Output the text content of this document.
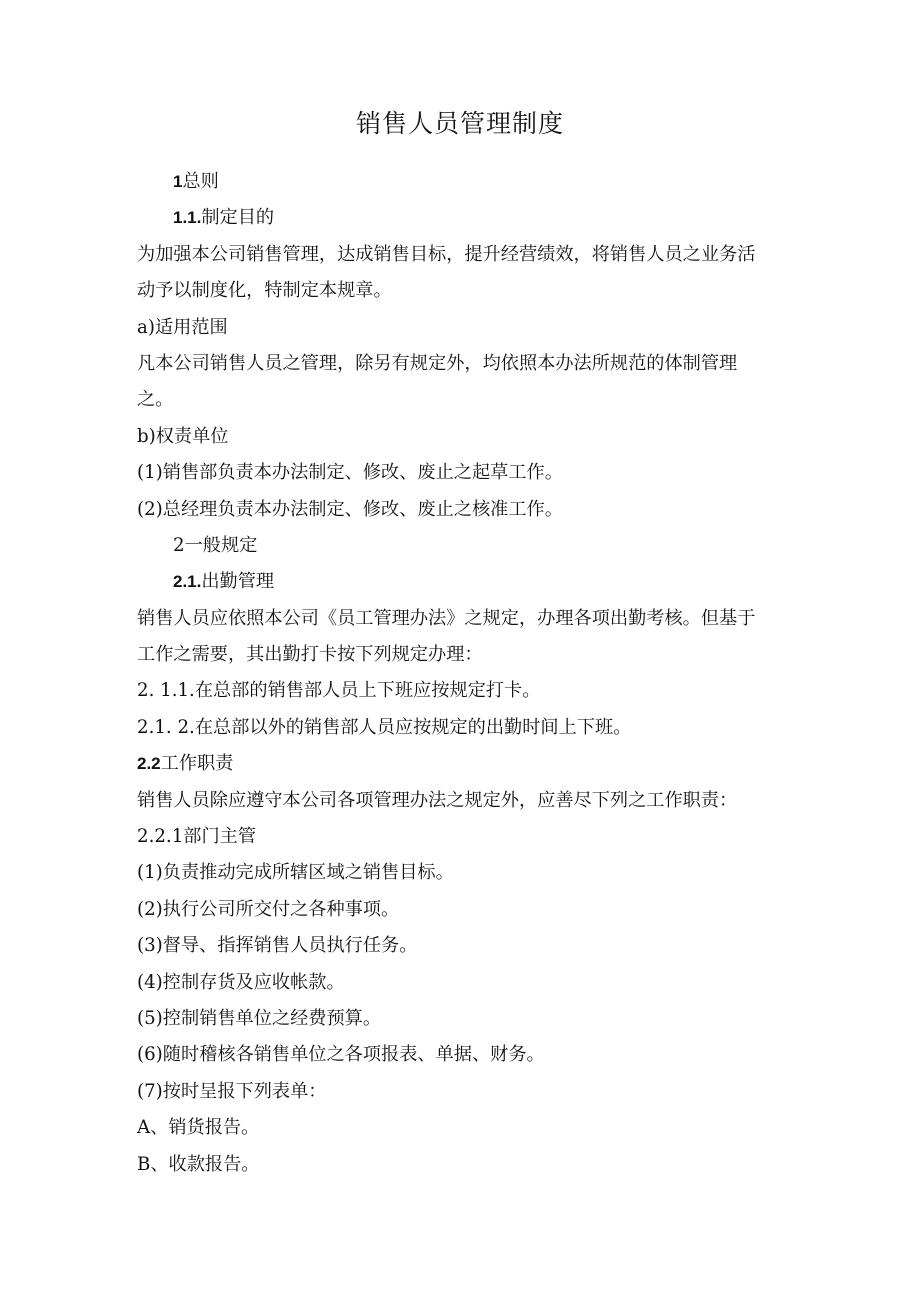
销售人员管理制度
1总则
1.1.制定目的
为加强本公司销售管理，达成销售目标，提升经营绩效，将销售人员之业务活
动予以制度化，特制定本规章。
a)适用范围
凡本公司销售人员之管理，除另有规定外，均依照本办法所规范的体制管理
之。
b)权责单位
(1)销售部负责本办法制定、修改、废止之起草工作。
(2)总经理负责本办法制定、修改、废止之核准工作。
2一般规定
2.1.出勤管理
销售人员应依照本公司《员工管理办法》之规定，办理各项出勤考核。但基于
工作之需要，其出勤打卡按下列规定办理：
2. 1.1.在总部的销售部人员上下班应按规定打卡。
2.1. 2.在总部以外的销售部人员应按规定的出勤时间上下班。
2.2工作职责
销售人员除应遵守本公司各项管理办法之规定外，应善尽下列之工作职责：
2.2.1部门主管
(1)负责推动完成所辖区域之销售目标。
(2)执行公司所交付之各种事项。
(3)督导、指挥销售人员执行任务。
(4)控制存货及应收帐款。
(5)控制销售单位之经费预算。
(6)随时稽核各销售单位之各项报表、单据、财务。
(7)按时呈报下列表单：
A、销货报告。
B、收款报告。
